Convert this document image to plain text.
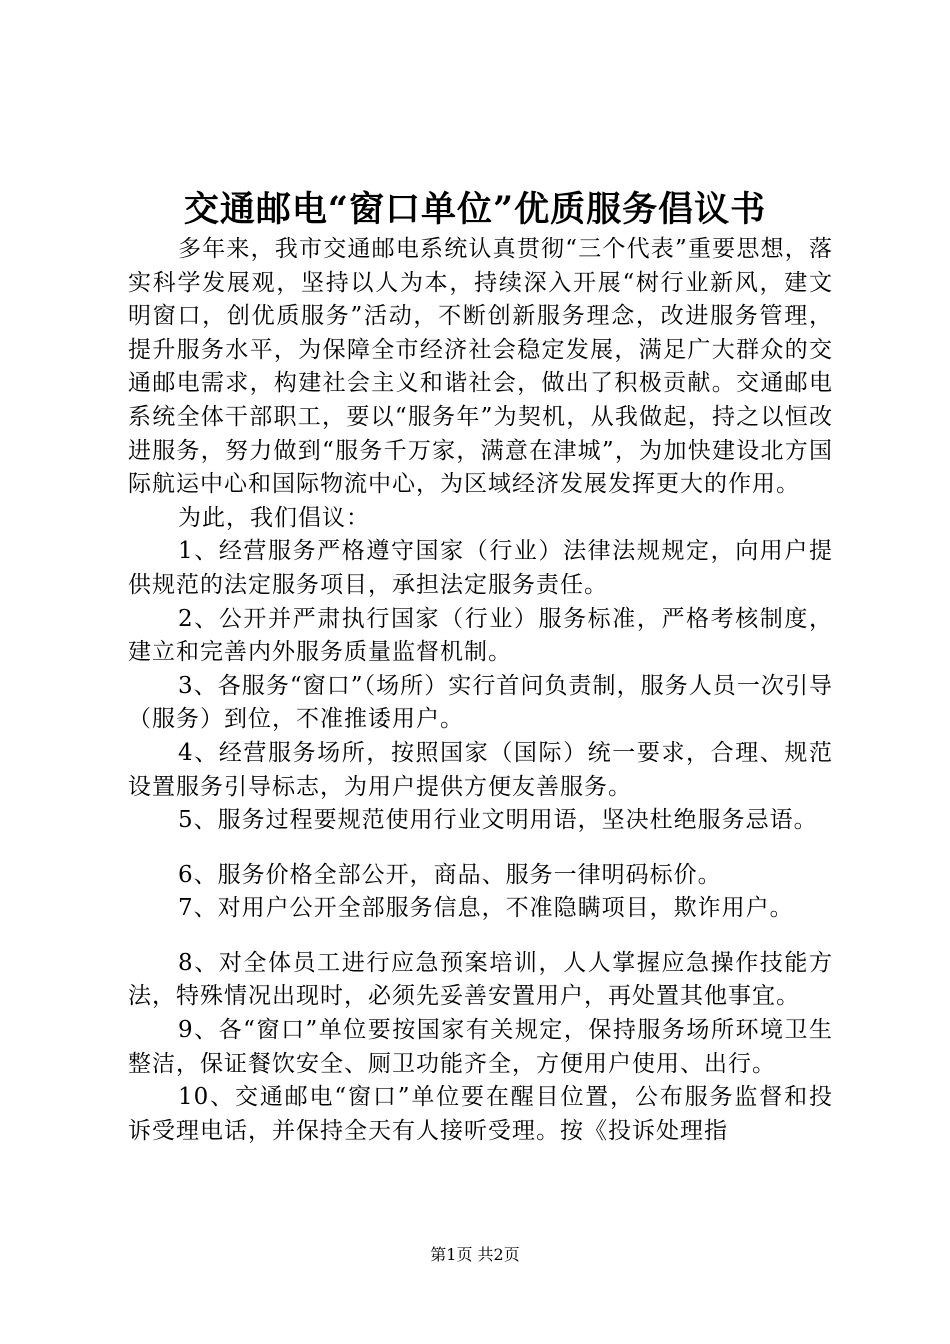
交通邮电“窗口单位”优质服务倡议书

多年来，我市交通邮电系统认真贯彻“三个代表”重要思想，落实科学发展观，坚持以人为本，持续深入开展“树行业新风，建文明窗口，创优质服务”活动，不断创新服务理念，改进服务管理，提升服务水平，为保障全市经济社会稳定发展，满足广大群众的交通邮电需求，构建社会主义和谐社会，做出了积极贡献。交通邮电系统全体干部职工，要以“服务年”为契机，从我做起，持之以恒改进服务，努力做到“服务千万家，满意在津城”，为加快建设北方国际航运中心和国际物流中心，为区域经济发展发挥更大的作用。

为此，我们倡议：

1、经营服务严格遵守国家（行业）法律法规规定，向用户提供规范的法定服务项目，承担法定服务责任。

2、公开并严肃执行国家（行业）服务标准，严格考核制度，建立和完善内外服务质量监督机制。

3、各服务“窗口”（场所）实行首问负责制，服务人员一次引导（服务）到位，不准推诿用户。

4、经营服务场所，按照国家（国际）统一要求，合理、规范设置服务引导标志，为用户提供方便友善服务。

5、服务过程要规范使用行业文明用语，坚决杜绝服务忌语。

6、服务价格全部公开，商品、服务一律明码标价。

7、对用户公开全部服务信息，不准隐瞒项目，欺诈用户。

8、对全体员工进行应急预案培训，人人掌握应急操作技能方法，特殊情况出现时，必须先妥善安置用户，再处置其他事宜。

9、各“窗口”单位要按国家有关规定，保持服务场所环境卫生整洁，保证餐饮安全、厕卫功能齐全，方便用户使用、出行。

10、交通邮电“窗口”单位要在醒目位置，公布服务监督和投诉受理电话，并保持全天有人接听受理。按《投诉处理指

第1页 共2页
